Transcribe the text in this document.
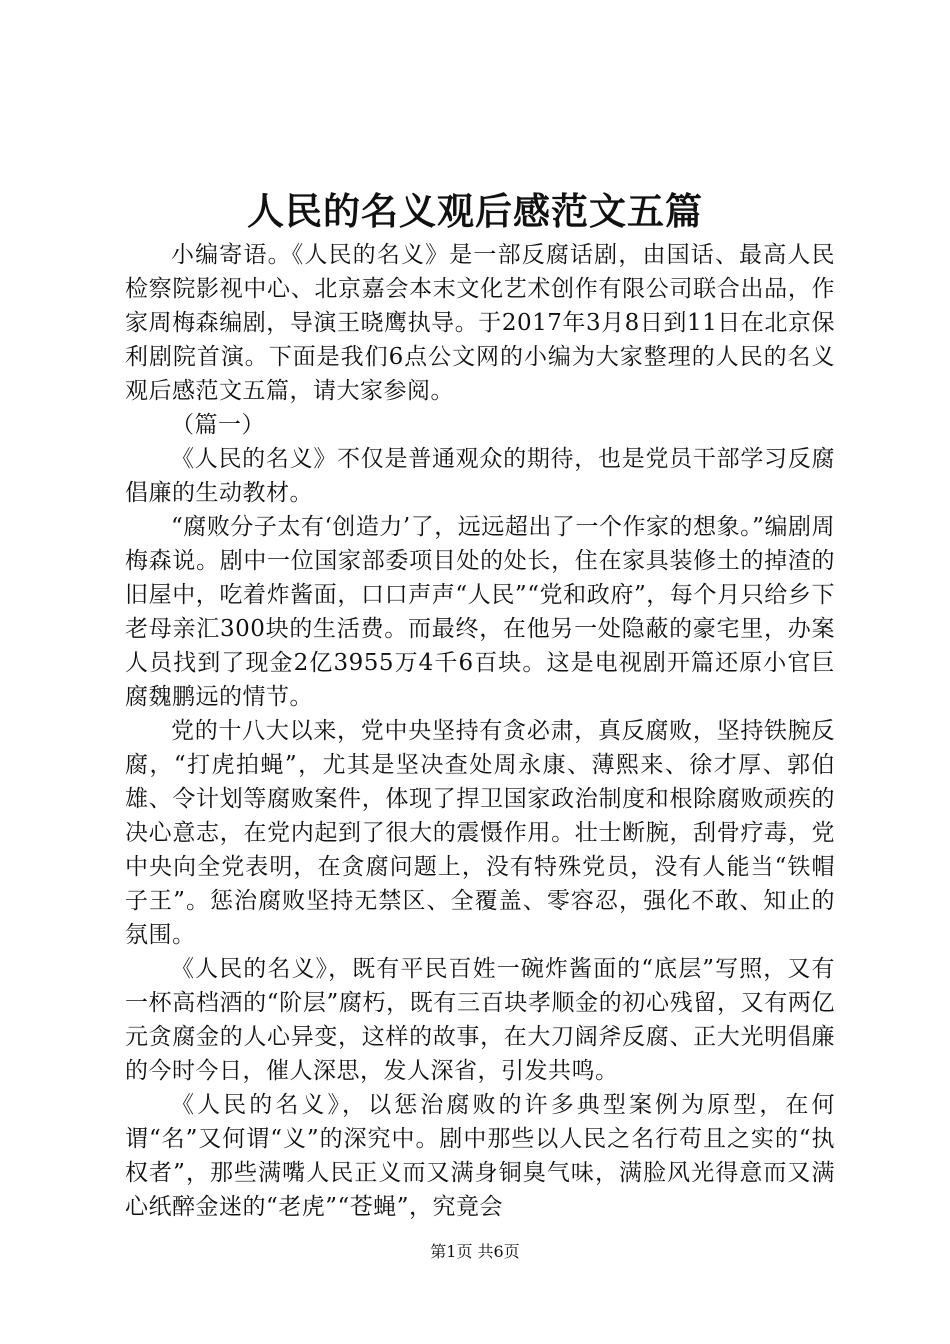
人民的名义观后感范文五篇

小编寄语。《人民的名义》是一部反腐话剧，由国话、最高人民检察院影视中心、北京嘉会本末文化艺术创作有限公司联合出品，作家周梅森编剧，导演王晓鹰执导。于2017年3月8日到11日在北京保利剧院首演。下面是我们6点公文网的小编为大家整理的人民的名义观后感范文五篇，请大家参阅。

（篇一）

《人民的名义》不仅是普通观众的期待，也是党员干部学习反腐倡廉的生动教材。

“腐败分子太有‘创造力’了，远远超出了一个作家的想象。”编剧周梅森说。剧中一位国家部委项目处的处长，住在家具装修土的掉渣的旧屋中，吃着炸酱面，口口声声“人民”“党和政府”，每个月只给乡下老母亲汇300块的生活费。而最终，在他另一处隐蔽的豪宅里，办案人员找到了现金2亿3955万4千6百块。这是电视剧开篇还原小官巨腐魏鹏远的情节。

党的十八大以来，党中央坚持有贪必肃，真反腐败，坚持铁腕反腐，“打虎拍蝇”，尤其是坚决查处周永康、薄熙来、徐才厚、郭伯雄、令计划等腐败案件，体现了捍卫国家政治制度和根除腐败顽疾的决心意志，在党内起到了很大的震慑作用。壮士断腕，刮骨疗毒，党中央向全党表明，在贪腐问题上，没有特殊党员，没有人能当“铁帽子王”。惩治腐败坚持无禁区、全覆盖、零容忍，强化不敢、知止的氛围。

《人民的名义》，既有平民百姓一碗炸酱面的“底层”写照，又有一杯高档酒的“阶层”腐朽，既有三百块孝顺金的初心残留，又有两亿元贪腐金的人心异变，这样的故事，在大刀阔斧反腐、正大光明倡廉的今时今日，催人深思，发人深省，引发共鸣。

《人民的名义》，以惩治腐败的许多典型案例为原型，在何谓“名”又何谓“义”的深究中。剧中那些以人民之名行苟且之实的“执权者”，那些满嘴人民正义而又满身铜臭气味，满脸风光得意而又满心纸醉金迷的“老虎”“苍蝇”，究竟会

第1页 共6页
